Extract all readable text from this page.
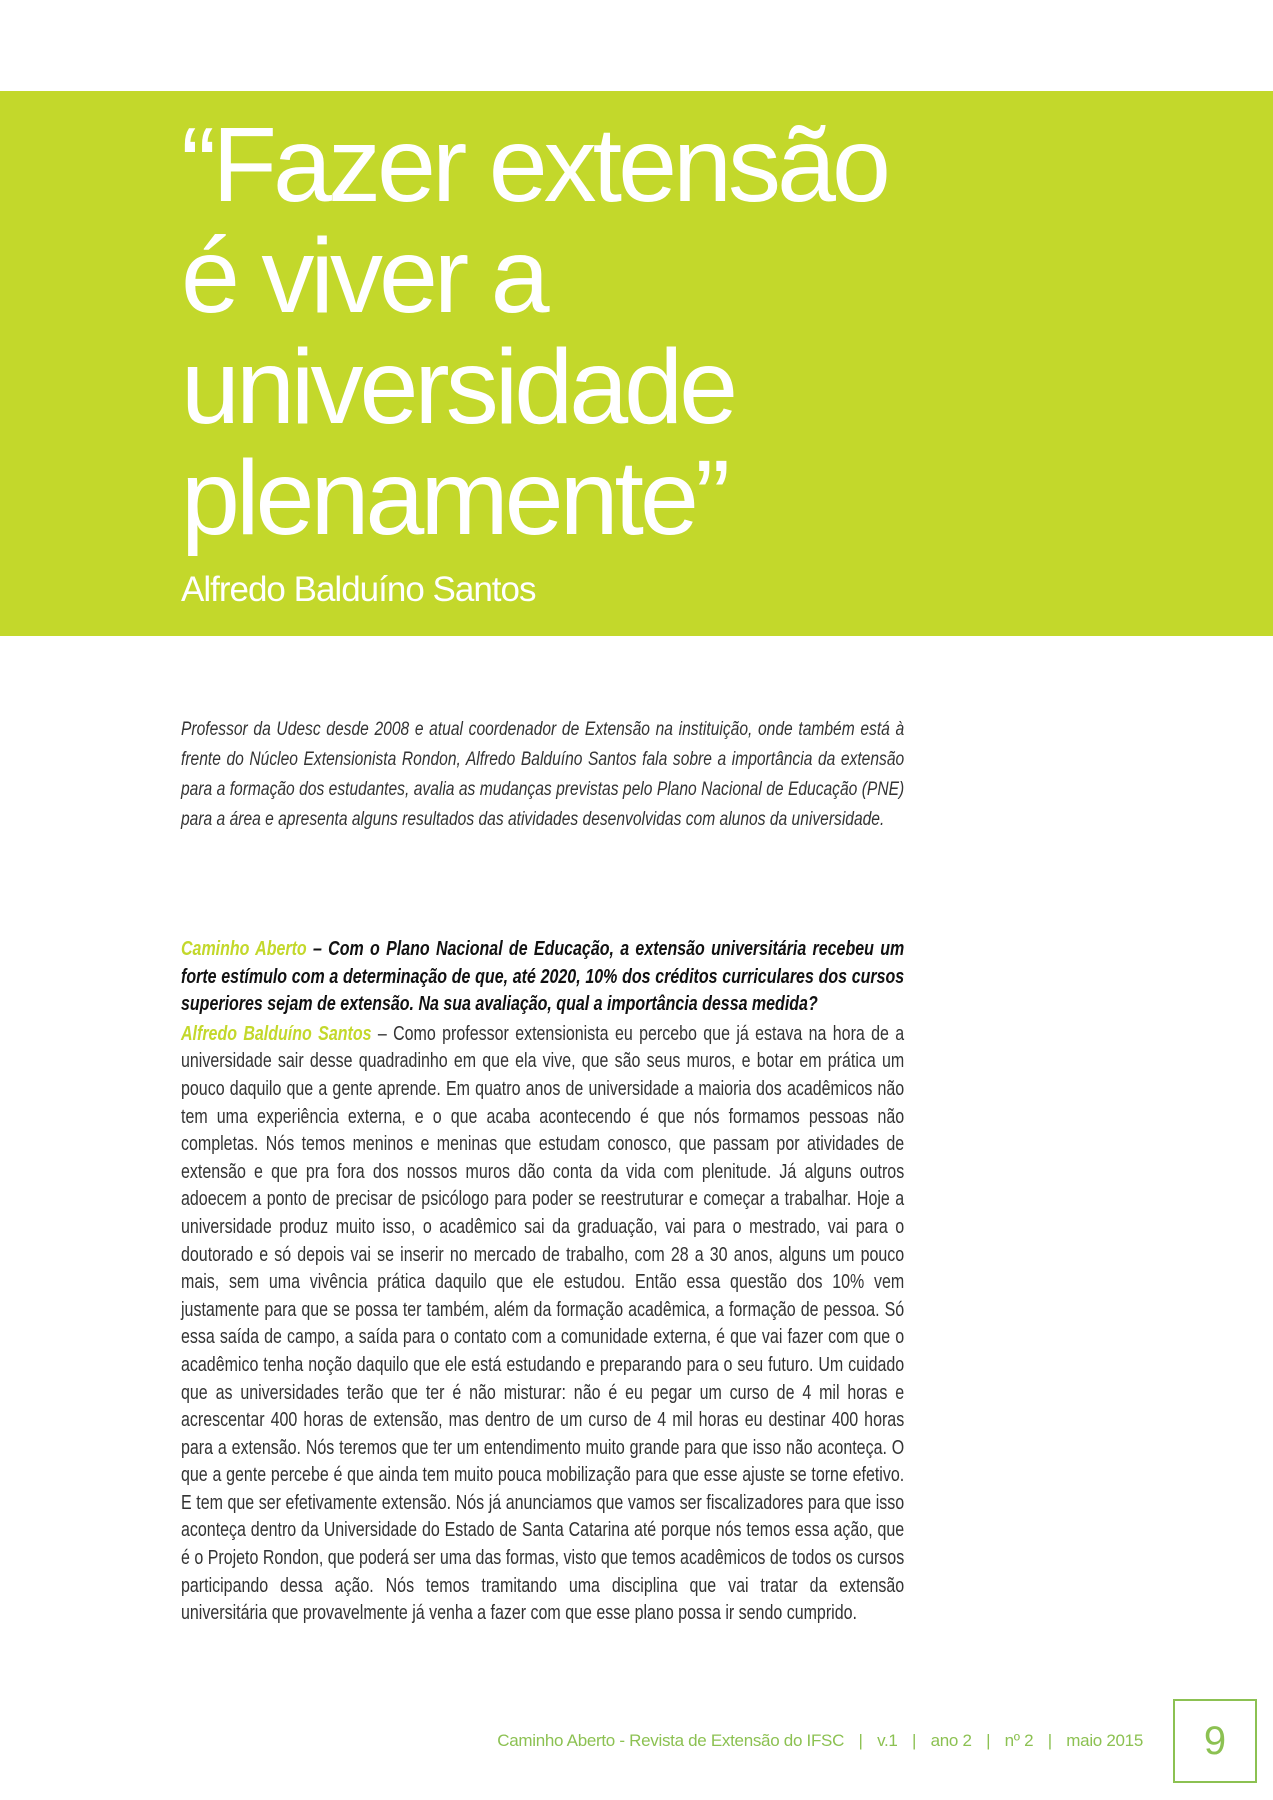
“Fazer extensão
é viver a
universidade
plenamente”
Alfredo Balduíno Santos

Professor da Udesc desde 2008 e atual coordenador de Extensão na instituição, onde também está à frente do Núcleo Extensionista Rondon, Alfredo Balduíno Santos fala sobre a importância da extensão para a formação dos estudantes, avalia as mudanças previstas pelo Plano Nacional de Educação (PNE) para a área e apresenta alguns resultados das atividades desenvolvidas com alunos da universidade.

Caminho Aberto – Com o Plano Nacional de Educação, a extensão universitária recebeu um forte estímulo com a determinação de que, até 2020, 10% dos créditos curriculares dos cursos superiores sejam de extensão. Na sua avaliação, qual a importância dessa medida?

Alfredo Balduíno Santos – Como professor extensionista eu percebo que já estava na hora de a universidade sair desse quadradinho em que ela vive, que são seus muros, e botar em prática um pouco daquilo que a gente aprende. Em quatro anos de universidade a maioria dos acadêmicos não tem uma experiência externa, e o que acaba acontecendo é que nós formamos pessoas não completas. Nós temos meninos e meninas que estudam conosco, que passam por atividades de extensão e que pra fora dos nossos muros dão conta da vida com plenitude. Já alguns outros adoecem a ponto de precisar de psicólogo para poder se reestruturar e começar a trabalhar. Hoje a universidade produz muito isso, o acadêmico sai da graduação, vai para o mestrado, vai para o doutorado e só depois vai se inserir no mercado de trabalho, com 28 a 30 anos, alguns um pouco mais, sem uma vivência prática daquilo que ele estudou. Então essa questão dos 10% vem justamente para que se possa ter também, além da formação acadêmica, a formação de pessoa. Só essa saída de campo, a saída para o contato com a comunidade externa, é que vai fazer com que o acadêmico tenha noção daquilo que ele está estudando e preparando para o seu futuro. Um cuidado que as universidades terão que ter é não misturar: não é eu pegar um curso de 4 mil horas e acrescentar 400 horas de extensão, mas dentro de um curso de 4 mil horas eu destinar 400 horas para a extensão. Nós teremos que ter um entendimento muito grande para que isso não aconteça. O que a gente percebe é que ainda tem muito pouca mobilização para que esse ajuste se torne efetivo. E tem que ser efetivamente extensão. Nós já anunciamos que vamos ser fiscalizadores para que isso aconteça dentro da Universidade do Estado de Santa Catarina até porque nós temos essa ação, que é o Projeto Rondon, que poderá ser uma das formas, visto que temos acadêmicos de todos os cursos participando dessa ação. Nós temos tramitando uma disciplina que vai tratar da extensão universitária que provavelmente já venha a fazer com que esse plano possa ir sendo cumprido.

Caminho Aberto - Revista de Extensão do IFSC | v.1 | ano 2 | nº 2 | maio 2015	9
